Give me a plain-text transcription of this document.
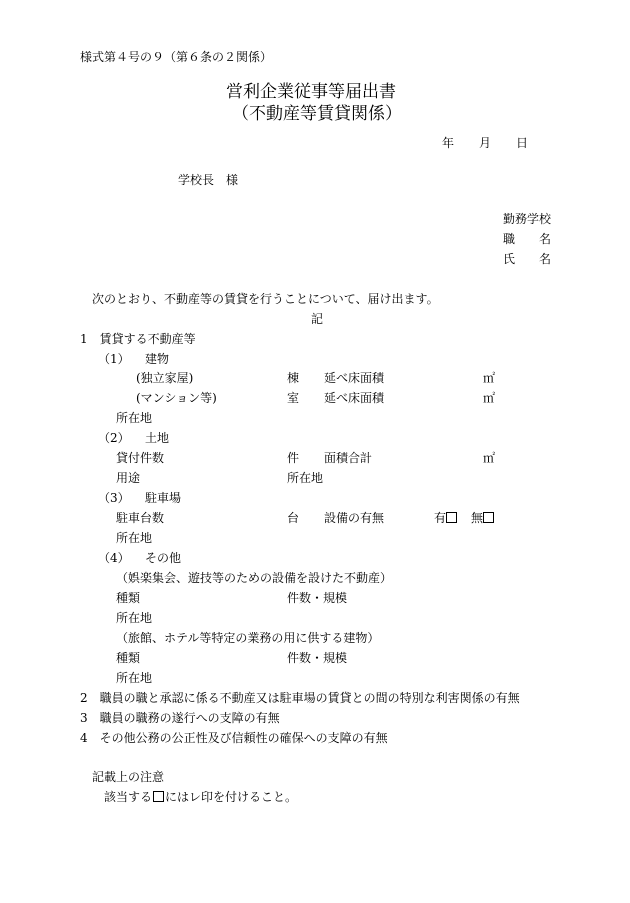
様式第４号の９（第６条の２関係）
営利企業従事等届出書
（不動産等賃貸関係）
年 月 日
学校長　様
勤務学校
職　　名
氏　　名
次のとおり、不動産等の賃貸を行うことについて、届け出ます。
記
1　賃貸する不動産等
（1） 建物
(独立家屋)	棟 延べ床面積	㎡
(マンション等)	室 延べ床面積	㎡
所在地
（2） 土地
貸付件数	件 面積合計	㎡
用途	所在地
（3） 駐車場
駐車台数	台 設備の有無	有 無
所在地
（4） その他
（娯楽集会、遊技等のための設備を設けた不動産）
種類	件数・規模
所在地
（旅館、ホテル等特定の業務の用に供する建物）
種類	件数・規模
所在地
2　職員の職と承認に係る不動産又は駐車場の賃貸との間の特別な利害関係の有無
3　職員の職務の遂行への支障の有無
4　その他公務の公正性及び信頼性の確保への支障の有無
記載上の注意
該当する にはレ印を付けること。
